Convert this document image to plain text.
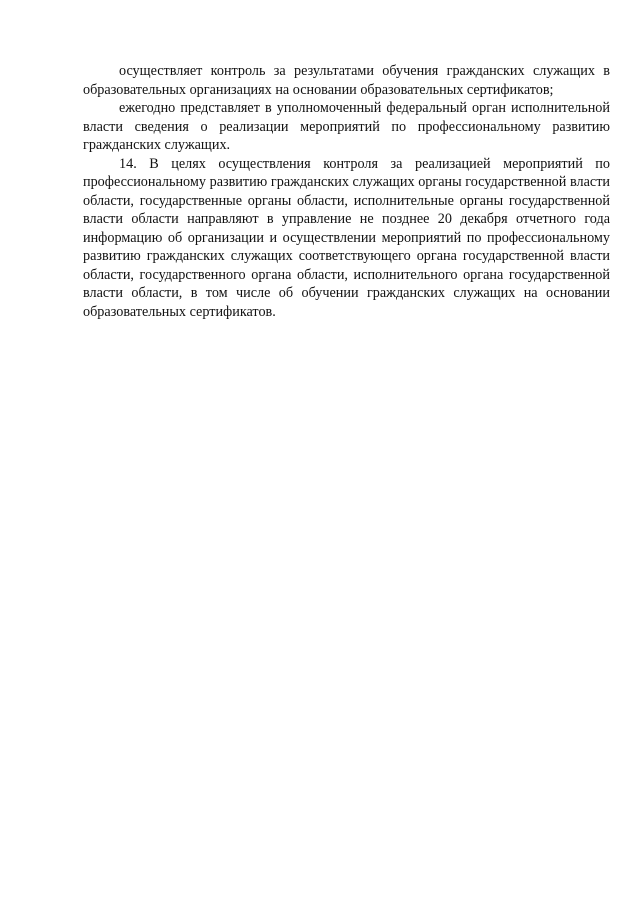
осуществляет контроль за результатами обучения гражданских служащих в образовательных организациях на основании образовательных сертификатов;

ежегодно представляет в уполномоченный федеральный орган исполнительной власти сведения о реализации мероприятий по профессиональному развитию гражданских служащих.

14. В целях осуществления контроля за реализацией мероприятий по профессиональному развитию гражданских служащих органы государственной власти области, государственные органы области, исполнительные органы государственной власти области направляют в управление не позднее 20 декабря отчетного года информацию об организации и осуществлении мероприятий по профессиональному развитию гражданских служащих соответствующего органа государственной власти области, государственного органа области, исполнительного органа государственной власти области, в том числе об обучении гражданских служащих на основании образовательных сертификатов.
